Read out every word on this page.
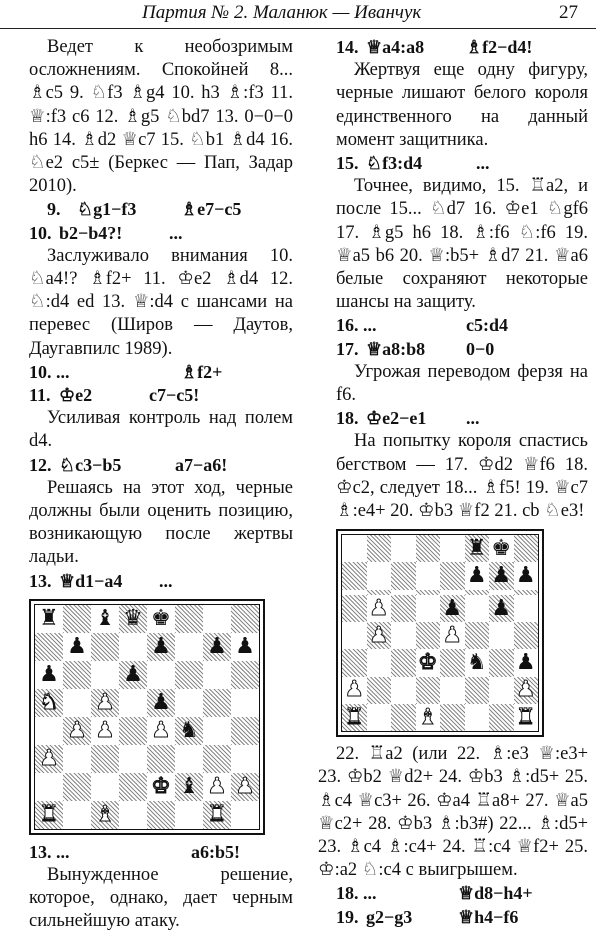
Партия № 2. Маланюк — Иванчук	27

Ведет к необозримым осложнениям. Спокойней 8... ♗c5 9. ♘f3 ♗g4 10. h3 ♗:f3 11. ♕:f3 c6 12. ♗g5 ♘bd7 13. 0−0−0 h6 14. ♗d2 ♕c7 15. ♘b1 ♗d4 16. ♘e2 c5± (Беркес — Пап, Задар 2010).

9. ♘g1−f3 ♗e7−c5
10. b2−b4?!	...

Заслуживало внимания 10. ♘a4!? ♗f2+ 11. ♔e2 ♗d4 12. ♘:d4 ed 13. ♕:d4 с шансами на перевес (Широв — Даутов, Даугавпилс 1989).

10. ...	♗f2+
11. ♔e2	c7−c5!

Усиливая контроль над полем d4.

12. ♘c3−b5	a7−a6!

Решаясь на этот ход, черные должны были оценить позицию, возникающую после жертвы ладьи.

13. ♕d1−a4 ...
♜ ♝ ♛ ♚
♟	♟ ♟ ♟
♟	♟
♞ ♟ ♟
♟ ♟ ♟ ♞
♟
♚ ♝ ♟ ♟
♜ ♝	♜
13. ...	a6:b5!

Вынужденное решение, которое, однако, дает черным сильнейшую атаку.

14. ♕a4:a8 ♗f2−d4!

Жертвуя еще одну фигуру, черные лишают белого короля единственного на данный момент защитника.

15. ♘f3:d4	...

Точнее, видимо, 15. ♖a2, и после 15... ♘d7 16. ♔e1 ♘gf6 17. ♗g5 h6 18. ♗:f6 ♘:f6 19. ♕a5 b6 20. ♕:b5+ ♗d7 21. ♕a6 белые сохраняют некоторые шансы на защиту.

16. ...	c5:d4
17. ♕a8:b8 0−0

Угрожая переводом ферзя на f6.

18. ♔e2−e1 ...

На попытку короля спастись бегством — 17. ♔d2 ♕f6 18. ♔c2, следует 18... ♗f5! 19. ♕c7 ♗:e4+ 20. ♔b3 ♕f2 21. cb ♘e3!

♜ ♚
♟ ♟ ♟
♟ ♟ ♟
♟ ♟
♚ ♞ ♟
♟	♟
♜ ♝	♜

22. ♖a2 (или 22. ♗:e3 ♕:e3+ 23. ♔b2 ♕d2+ 24. ♔b3 ♗:d5+ 25. ♗c4 ♕c3+ 26. ♔a4 ♖a8+ 27. ♕a5 ♕c2+ 28. ♔b3 ♗:b3#) 22... ♗:d5+ 23. ♗c4 ♗:c4+ 24. ♖:c4 ♕f2+ 25. ♔:a2 ♘:c4 с выигрышем.

18. ...	♕d8−h4+
19. g2−g3	♕h4−f6
